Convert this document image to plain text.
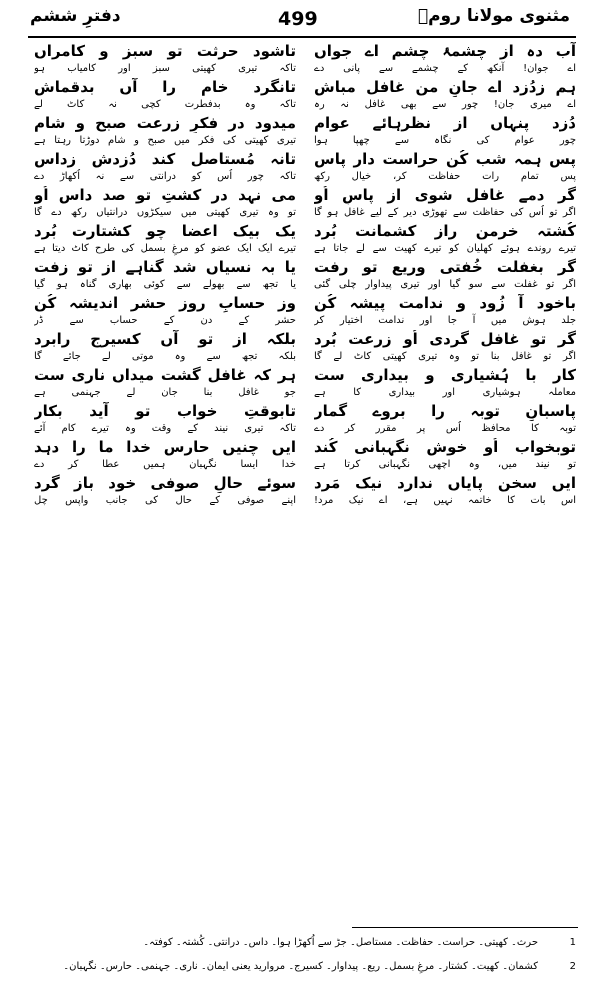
مثنوی مولانا رومؒ
499
دفترِ ششم
آب دہ از چشمۂ چشم اے جواں
اے جوان! آنکھ کے چشمے سے پانی دے
ہم زِدُزد اے جانِ من غافل مباش
اے میری جان! چور سے بھی غافل نہ رہ
دُزد پنہاں از نظرہائے عوام
چور عوام کی نگاہ سے چھپا ہوا
پس ہمہ شب کُن حراست دار پاس
پس تمام رات حفاظت کر، خیال رکھ
گر دمے غافل شوی از پاسِ اُو
اگر تو اُس کی حفاظت سے تھوڑی دیر کے لیے غافل ہو گا
کُشتہ خرمن راز کشمانت بُرد
تیرے روندے ہوئے کھلیان کو تیرے کھیت سے لے جاتا ہے
گر بغفلت خُفتی وریع تو رفت
اگر تو غفلت سے سو گیا اور تیری پیداوار چلی گئی
باخود آ زُود و ندامت پیشہ کُن
جلد ہوش میں آ جا اور ندامت اختیار کر
گر تو غافل گردی اُو زرعت بُرد
اگر تو غافل بنا تو وہ تیری کھیتی کاٹ لے گا
کار با ہُشیاری و بیداری ست
معاملہ ہوشیاری اور بیداری کا ہے
پاسبانِ توبہ را بروے گمار
توبہ کا محافظ اُس پر مقرر کر دے
توبخواب اُو خوش نگہبانی کُند
تو نیند میں، وہ اچھی نگہبانی کرتا ہے
ایں سخن پایاں ندارد نیک مَرد
اس بات کا خاتمہ نہیں ہے، اے نیک مرد!
تاشود حرثت تو سبز و کامراں
تاکہ تیری کھیتی سبز اور کامیاب ہو
تانگرد خام را آں بدقماش
تاکہ وہ بدفطرت کچی نہ کاٹ لے
میدود در فکرِ زرعت صبح و شام
تیری کھیتی کی فکر میں صبح و شام دوڑتا رہتا ہے
تانہ مُستاصل کند دُزدش زداس
تاکہ چور اُس کو درانتی سے نہ اُکھاڑ دے
می نہد در کشتِ تو صد داس اُو
تو وہ تیری کھیتی میں سیکڑوں درانتیاں رکھ دے گا
یک بیک اعضا چو کشتارت بُرد
تیرے ایک ایک عضو کو مرغِ بسمل کی طرح کاٹ دیتا ہے
یا بہ نسیاں شد گناہے از تو زفت
یا تجھ سے بھولے سے کوئی بھاری گناہ ہو گیا
وز حسابِ روزِ حشر اندیشہ کُن
حشر کے دن کے حساب سے ڈر
بلکہ از تو آں کسیرج رابرد
بلکہ تجھ سے وہ موتی لے جائے گا
ہر کہ غافل گشت میداں ناری ست
جو غافل بنا جان لے جہنمی ہے
تابوقتِ خواب تو آید بکار
تاکہ تیری نیند کے وقت وہ تیرے کام آئے
ایں چنیں حارس خدا ما را دہد
خدا ایسا نگہبان ہمیں عطا کر دے
سوئے حالِ صوفی خود باز گرد
اپنے صوفی کے حال کی جانب واپس چل
1
حرث۔ کھیتی۔ حراست۔ حفاظت۔ مستاصل۔ جڑ سے اُکھڑا ہوا۔ داس۔ درانتی۔ کُشتہ۔ کوفتہ۔
2
کشمان۔ کھیت۔ کشتار۔ مرغِ بسمل۔ ریع۔ پیداوار۔ کسیرج۔ مروارید یعنی ایمان۔ ناری۔ جہنمی۔ حارس۔ نگہبان۔
